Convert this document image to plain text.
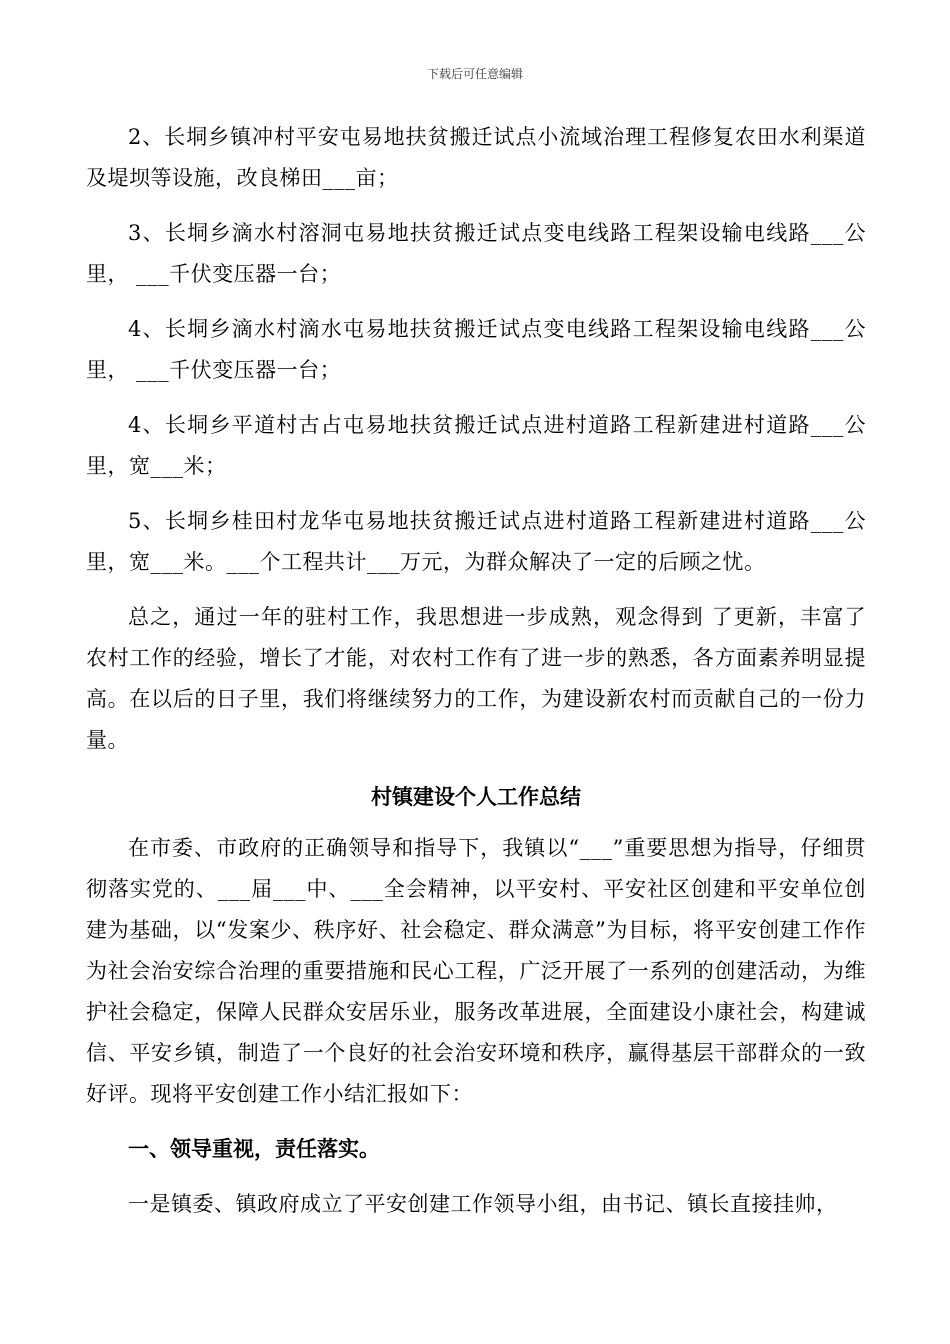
下载后可任意编辑

2、长垌乡镇冲村平安屯易地扶贫搬迁试点小流域治理工程修复农田水利渠道及堤坝等设施，改良梯田___亩；

3、长垌乡滴水村溶洞屯易地扶贫搬迁试点变电线路工程架设输电线路___公里， ___千伏变压器一台；

4、长垌乡滴水村滴水屯易地扶贫搬迁试点变电线路工程架设输电线路___公里， ___千伏变压器一台；

4、长垌乡平道村古占屯易地扶贫搬迁试点进村道路工程新建进村道路___公里，宽___米；

5、长垌乡桂田村龙华屯易地扶贫搬迁试点进村道路工程新建进村道路___公里，宽___米。___个工程共计___万元，为群众解决了一定的后顾之忧。

总之，通过一年的驻村工作，我思想进一步成熟，观念得到 了更新，丰富了农村工作的经验，增长了才能，对农村工作有了进一步的熟悉，各方面素养明显提高。在以后的日子里，我们将继续努力的工作，为建设新农村而贡献自己的一份力量。

村镇建设个人工作总结

在市委、市政府的正确领导和指导下，我镇以“___”重要思想为指导，仔细贯彻落实党的、___届___中、___全会精神，以平安村、平安社区创建和平安单位创建为基础，以“发案少、秩序好、社会稳定、群众满意”为目标，将平安创建工作作为社会治安综合治理的重要措施和民心工程，广泛开展了一系列的创建活动，为维护社会稳定，保障人民群众安居乐业，服务改革进展，全面建设小康社会，构建诚信、平安乡镇，制造了一个良好的社会治安环境和秩序，赢得基层干部群众的一致好评。现将平安创建工作小结汇报如下：

一、领导重视，责任落实。

一是镇委、镇政府成立了平安创建工作领导小组，由书记、镇长直接挂帅，
